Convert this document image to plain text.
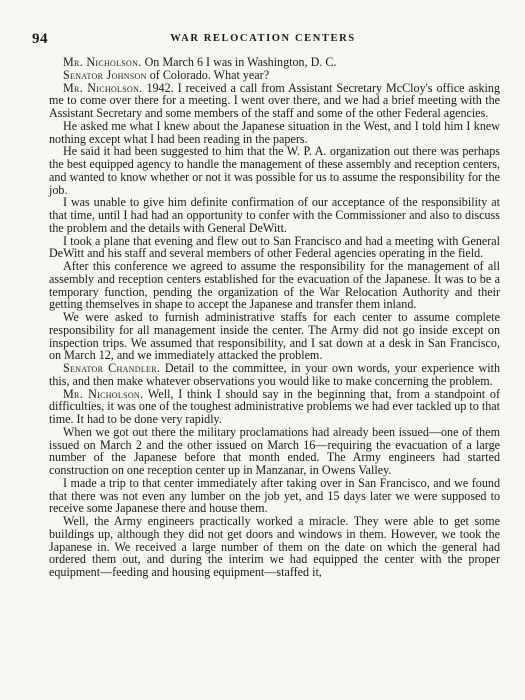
94	WAR RELOCATION CENTERS

Mr. Nicholson. On March 6 I was in Washington, D. C.

Senator Johnson of Colorado. What year?

Mr. Nicholson. 1942. I received a call from Assistant Secretary McCloy's office asking me to come over there for a meeting. I went over there, and we had a brief meeting with the Assistant Secretary and some members of the staff and some of the other Federal agencies.

He asked me what I knew about the Japanese situation in the West, and I told him I knew nothing except what I had been reading in the papers.

He said it had been suggested to him that the W. P. A. organization out there was perhaps the best equipped agency to handle the management of these assembly and reception centers, and wanted to know whether or not it was possible for us to assume the responsibility for the job.

I was unable to give him definite confirmation of our acceptance of the responsibility at that time, until I had had an opportunity to confer with the Commissioner and also to discuss the problem and the details with General DeWitt.

I took a plane that evening and flew out to San Francisco and had a meeting with General DeWitt and his staff and several members of other Federal agencies operating in the field.

After this conference we agreed to assume the responsibility for the management of all assembly and reception centers established for the evacuation of the Japanese. It was to be a temporary function, pending the organization of the War Relocation Authority and their getting themselves in shape to accept the Japanese and transfer them inland.

We were asked to furnish administrative staffs for each center to assume complete responsibility for all management inside the center. The Army did not go inside except on inspection trips. We assumed that responsibility, and I sat down at a desk in San Francisco, on March 12, and we immediately attacked the problem.

Senator Chandler. Detail to the committee, in your own words, your experience with this, and then make whatever observations you would like to make concerning the problem.

Mr. Nicholson. Well, I think I should say in the beginning that, from a standpoint of difficulties, it was one of the toughest administrative problems we had ever tackled up to that time. It had to be done very rapidly.

When we got out there the military proclamations had already been issued—one of them issued on March 2 and the other issued on March 16—requiring the evacuation of a large number of the Japanese before that month ended. The Army engineers had started construction on one reception center up in Manzanar, in Owens Valley.

I made a trip to that center immediately after taking over in San Francisco, and we found that there was not even any lumber on the job yet, and 15 days later we were supposed to receive some Japanese there and house them.

Well, the Army engineers practically worked a miracle. They were able to get some buildings up, although they did not get doors and windows in them. However, we took the Japanese in. We received a large number of them on the date on which the general had ordered them out, and during the interim we had equipped the center with the proper equipment—feeding and housing equipment—staffed it,
